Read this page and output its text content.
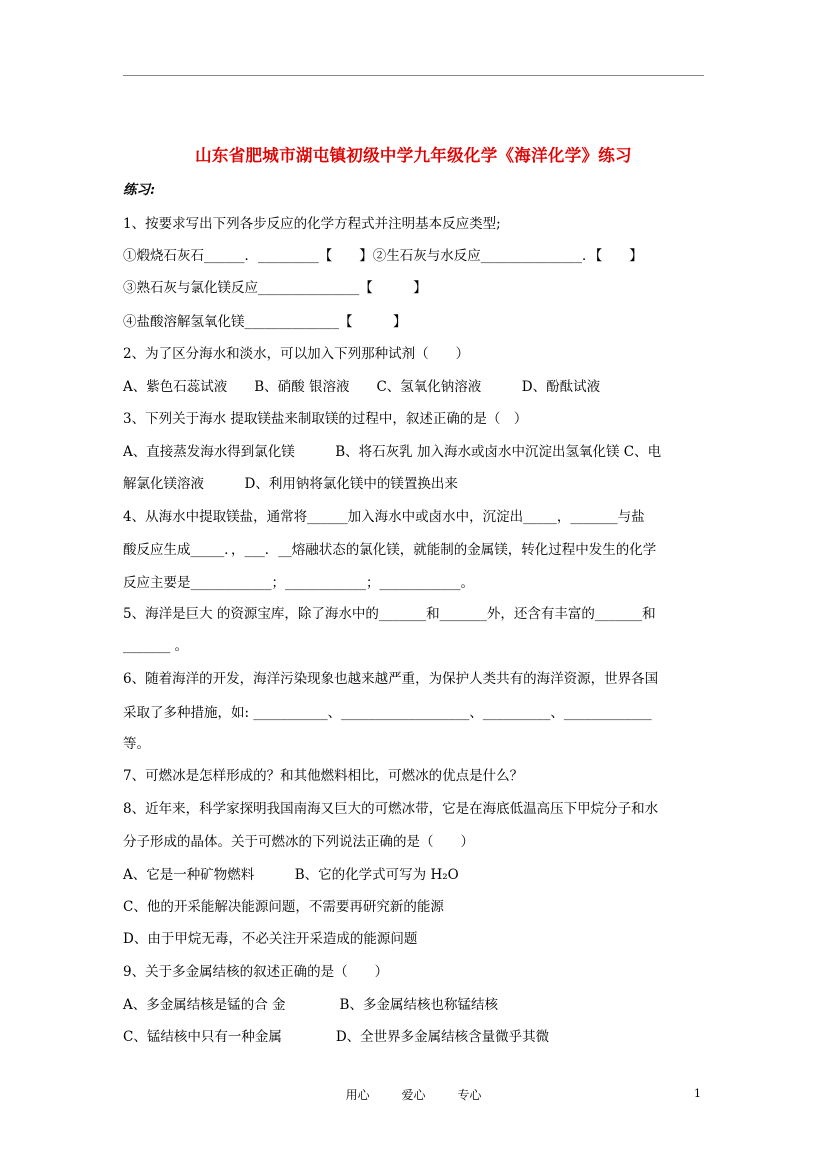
山东省肥城市湖屯镇初级中学九年级化学《海洋化学》练习
练习:
1、按要求写出下列各步反应的化学方程式并注明基本反应类型;
①煅烧石灰石______．_________【　　】②生石灰与水反应_______________．【　　】
③熟石灰与氯化镁反应_______________【　　　】
④盐酸溶解氢氧化镁______________【　　　】
2、为了区分海水和淡水，可以加入下列那种试剂（　　）
A、紫色石蕊试液　　B、硝酸 银溶液　　C、氢氧化钠溶液　　　D、酚酞试液
3、下列关于海水 提取镁盐来制取镁的过程中，叙述正确的是（　）
A、直接蒸发海水得到氯化镁　　　B、将石灰乳 加入海水或卤水中沉淀出氢氧化镁 C、电
解氯化镁溶液　　　D、利用钠将氯化镁中的镁置换出来
4、从海水中提取镁盐，通常将______加入海水中或卤水中，沉淀出_____，_______与盐
酸反应生成_____．，___．__熔融状态的氯化镁，就能制的金属镁，转化过程中发生的化学
反应主要是____________；____________；____________。
5、海洋是巨大 的资源宝库，除了海水中的_______和_______外，还含有丰富的_______和
_______ 。
6、随着海洋的开发，海洋污染现象也越来越严重，为保护人类共有的海洋资源，世界各国
采取了多种措施，如: ___________、___________________、__________、_____________
等。
7、可燃冰是怎样形成的？和其他燃料相比，可燃冰的优点是什么？
8、近年来，科学家探明我国南海又巨大的可燃冰带，它是在海底低温高压下甲烷分子和水
分子形成的晶体。关于可燃冰的下列说法正确的是（　　）
A、它是一种矿物燃料　　　B、它的化学式可写为 H₂O
C、他的开采能解决能源问题，不需要再研究新的能源
D、由于甲烷无毒，不必关注开采造成的能源问题
9、关于多金属结核的叙述正确的是（　　）
A、多金属结核是锰的合 金　　　　B、多金属结核也称锰结核
C、锰结核中只有一种金属　　　　D、全世界多金属结核含量微乎其微
用心	爱心	专心	1
